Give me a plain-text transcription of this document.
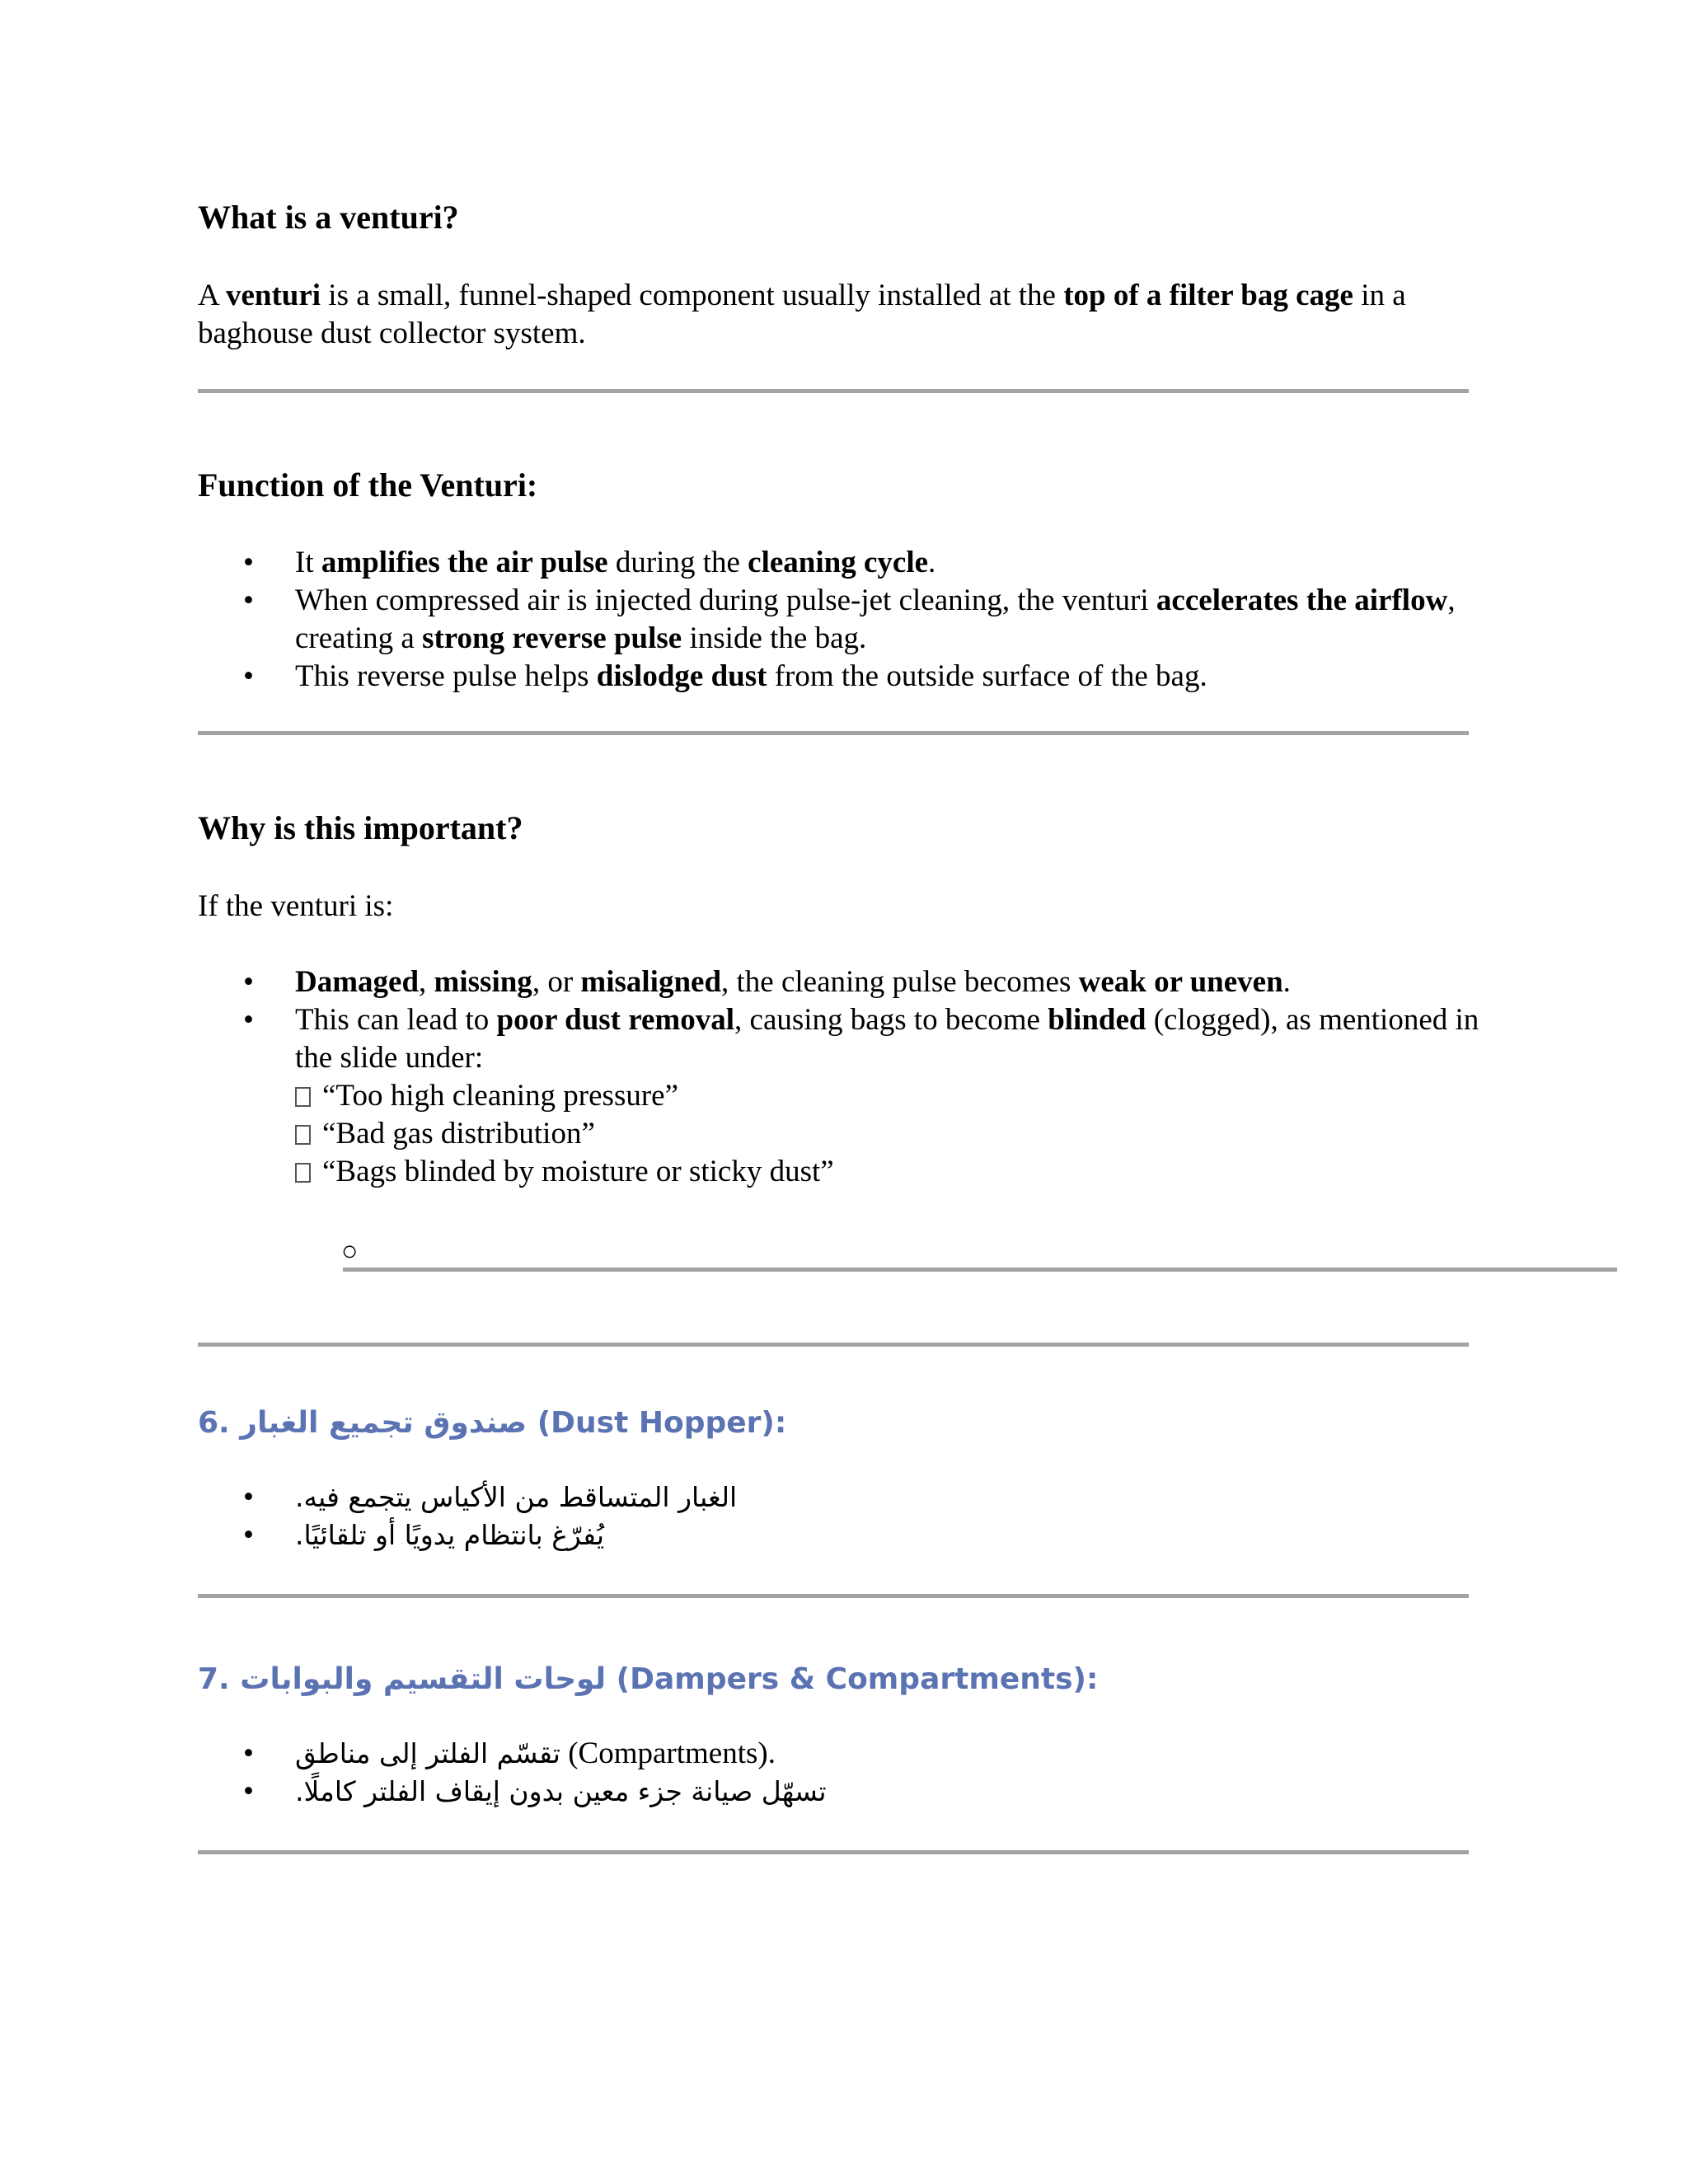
What is a venturi?

A venturi is a small, funnel-shaped component usually installed at the top of a filter bag cage in a baghouse dust collector system.

Function of the Venturi:
• It amplifies the air pulse during the cleaning cycle.
• When compressed air is injected during pulse-jet cleaning, the venturi accelerates the airflow, creating a strong reverse pulse inside the bag.
• This reverse pulse helps dislodge dust from the outside surface of the bag.
Why is this important?

If the venturi is:

• Damaged, missing, or misaligned, the cleaning pulse becomes weak or uneven.
• This can lead to poor dust removal, causing bags to become blinded (clogged), as mentioned in the slide under:
“Too high cleaning pressure”
“Bad gas distribution”
“Bags blinded by moisture or sticky dust”
○
6. صندوق تجميع الغبار (Dust Hopper):
• الغبار المتساقط من الأكياس يتجمع فيه.
• يُفرّغ بانتظام يدويًا أو تلقائيًا.
7. لوحات التقسيم والبوابات (Dampers & Compartments):
• تقسّم الفلتر إلى مناطق (Compartments).
• تسهّل صيانة جزء معين بدون إيقاف الفلتر كاملًا.
